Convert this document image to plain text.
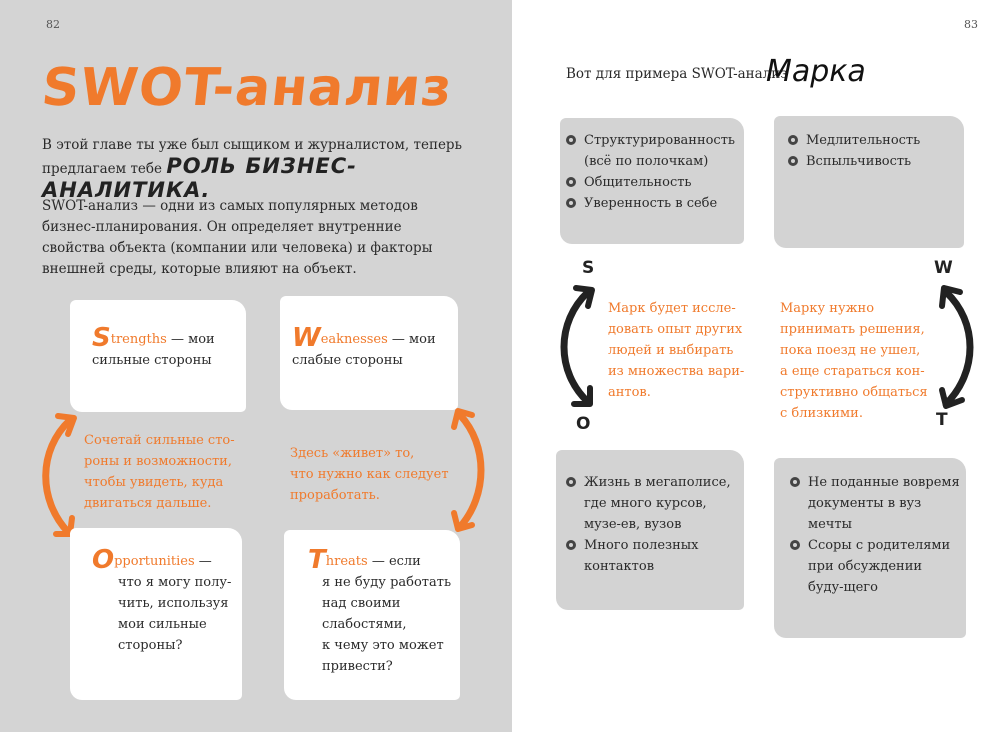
82
SWOT-анализ
В этой главе ты уже был сыщиком и журналистом, теперь предлагаем тебе РОЛЬ БИЗНЕС-АНАЛИТИКА.
SWOT-анализ — одни из самых популярных методов бизнес-планирования. Он определяет внутренние свойства объекта (компании или человека) и факторы внешней среды, которые влияют на объект.
Strengths — мои
сильные стороны
Weaknesses — мои
слабые стороны
Сочетай сильные сто-
роны и возможности,
чтобы увидеть, куда
двигаться дальше.
Здесь «живет» то,
что нужно как следует
проработать.
Opportunities —
что я могу полу-
чить, используя
мои сильные
стороны?
Threats — если
я не буду работать
над своими
слабостями,
к чему это может
привести?
83
Вот для примера SWOT-анализ
Марка
Структурированность (всё по полочкам)
Общительность
Уверенность в себе
Медлительность
Вспыльчивость
S
O
W
T
Марк будет иссле-
довать опыт других
людей и выбирать
из множества вари-
антов.
Марку нужно
принимать решения,
пока поезд не ушел,
а еще стараться кон-
структивно общаться
с близкими.
Жизнь в мегаполисе, где много курсов, музе-ев, вузов
Много полезных контактов
Не поданные вовремя документы в вуз мечты
Ссоры с родителями при обсуждении буду-щего
